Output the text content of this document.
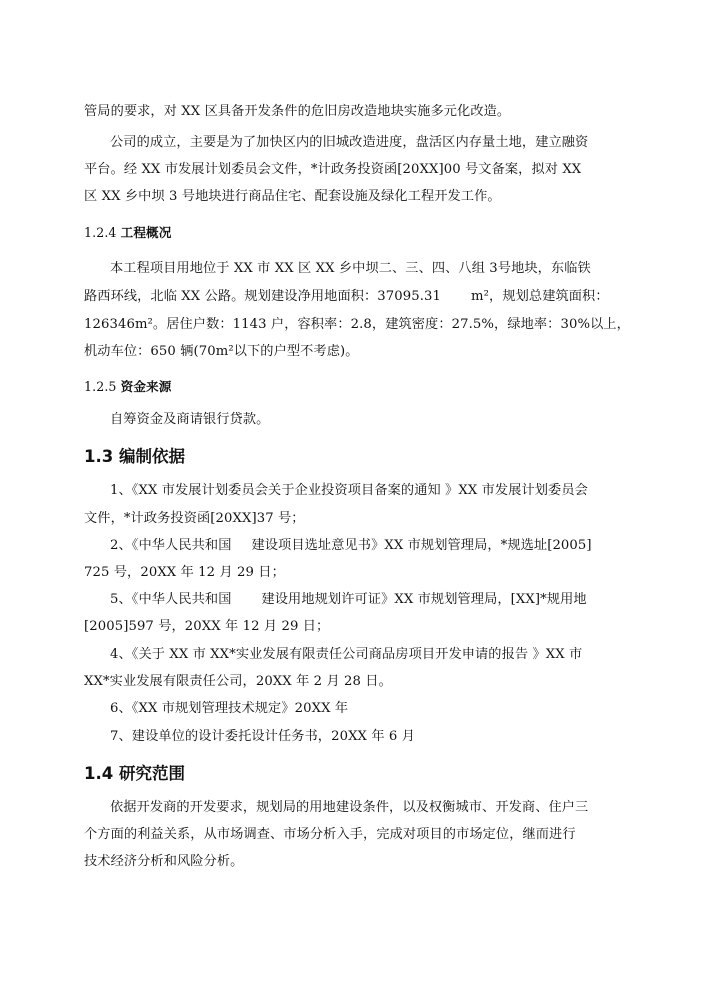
管局的要求，对 XX 区具备开发条件的危旧房改造地块实施多元化改造。
公司的成立，主要是为了加快区内的旧城改造进度，盘活区内存量土地，建立融资
平台。经 XX 市发展计划委员会文件，*计政务投资函[20XX]00 号文备案，拟对 XX
区 XX 乡中坝 3 号地块进行商品住宅、配套设施及绿化工程开发工作。
1.2.4 工程概况
本工程项目用地位于 XX 市 XX 区 XX 乡中坝二、三、四、八组 3号地块，东临铁
路西环线，北临 XX 公路。规划建设净用地面积：37095.31 m²，规划总建筑面积：
126346m²。居住户数：1143 户，容积率：2.8，建筑密度：27.5%，绿地率：30%以上，
机动车位：650 辆(70m²以下的户型不考虑)。
1.2.5 资金来源
自筹资金及商请银行贷款。
1.3 编制依据
1、《XX 市发展计划委员会关于企业投资项目备案的通知 》XX 市发展计划委员会
文件，*计政务投资函[20XX]37 号；
2、《中华人民共和国 建设项目选址意见书》XX 市规划管理局，*规选址[2005]
725 号，20XX 年 12 月 29 日；
5、《中华人民共和国 建设用地规划许可证》XX 市规划管理局，[XX]*规用地
[2005]597 号，20XX 年 12 月 29 日；
4、《关于 XX 市 XX*实业发展有限责任公司商品房项目开发申请的报告 》XX 市
XX*实业发展有限责任公司，20XX 年 2 月 28 日。
6、《XX 市规划管理技术规定》20XX 年
7、建设单位的设计委托设计任务书，20XX 年 6 月
1.4 研究范围
依据开发商的开发要求，规划局的用地建设条件，以及权衡城市、开发商、住户三
个方面的利益关系，从市场调查、市场分析入手，完成对项目的市场定位，继而进行
技术经济分析和风险分析。
